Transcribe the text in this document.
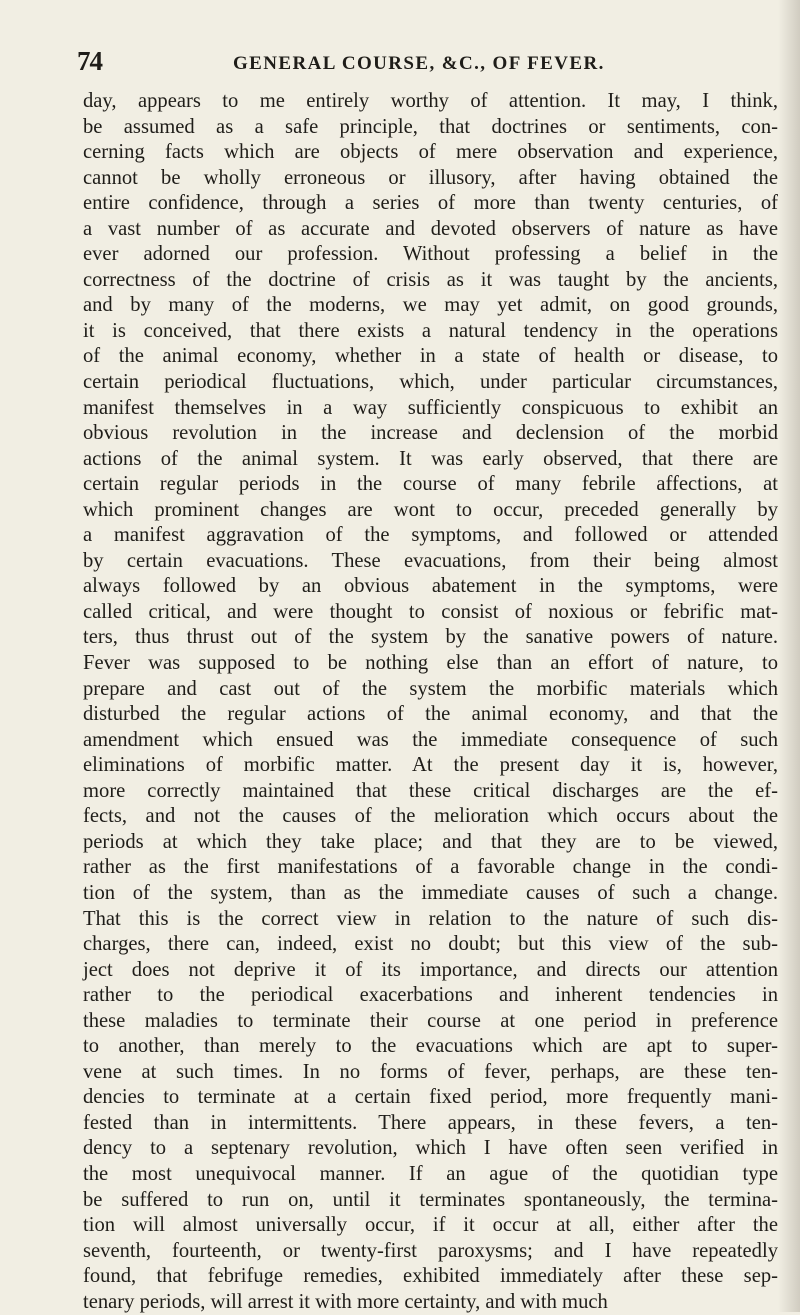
74	GENERAL COURSE, &C., OF FEVER.
day, appears to me entirely worthy of attention. It may, I think,
be assumed as a safe principle, that doctrines or sentiments, con-
cerning facts which are objects of mere observation and experience,
cannot be wholly erroneous or illusory, after having obtained the
entire confidence, through a series of more than twenty centuries, of
a vast number of as accurate and devoted observers of nature as have
ever adorned our profession. Without professing a belief in the
correctness of the doctrine of crisis as it was taught by the ancients,
and by many of the moderns, we may yet admit, on good grounds,
it is conceived, that there exists a natural tendency in the operations
of the animal economy, whether in a state of health or disease, to
certain periodical fluctuations, which, under particular circumstances,
manifest themselves in a way sufficiently conspicuous to exhibit an
obvious revolution in the increase and declension of the morbid
actions of the animal system. It was early observed, that there are
certain regular periods in the course of many febrile affections, at
which prominent changes are wont to occur, preceded generally by
a manifest aggravation of the symptoms, and followed or attended
by certain evacuations. These evacuations, from their being almost
always followed by an obvious abatement in the symptoms, were
called critical, and were thought to consist of noxious or febrific mat-
ters, thus thrust out of the system by the sanative powers of nature.
Fever was supposed to be nothing else than an effort of nature, to
prepare and cast out of the system the morbific materials which
disturbed the regular actions of the animal economy, and that the
amendment which ensued was the immediate consequence of such
eliminations of morbific matter. At the present day it is, however,
more correctly maintained that these critical discharges are the ef-
fects, and not the causes of the melioration which occurs about the
periods at which they take place; and that they are to be viewed,
rather as the first manifestations of a favorable change in the condi-
tion of the system, than as the immediate causes of such a change.
That this is the correct view in relation to the nature of such dis-
charges, there can, indeed, exist no doubt; but this view of the sub-
ject does not deprive it of its importance, and directs our attention
rather to the periodical exacerbations and inherent tendencies in
these maladies to terminate their course at one period in preference
to another, than merely to the evacuations which are apt to super-
vene at such times. In no forms of fever, perhaps, are these ten-
dencies to terminate at a certain fixed period, more frequently mani-
fested than in intermittents. There appears, in these fevers, a ten-
dency to a septenary revolution, which I have often seen verified in
the most unequivocal manner. If an ague of the quotidian type
be suffered to run on, until it terminates spontaneously, the termina-
tion will almost universally occur, if it occur at all, either after the
seventh, fourteenth, or twenty-first paroxysms; and I have repeatedly
found, that febrifuge remedies, exhibited immediately after these sep-
tenary periods, will arrest it with more certainty, and with much
